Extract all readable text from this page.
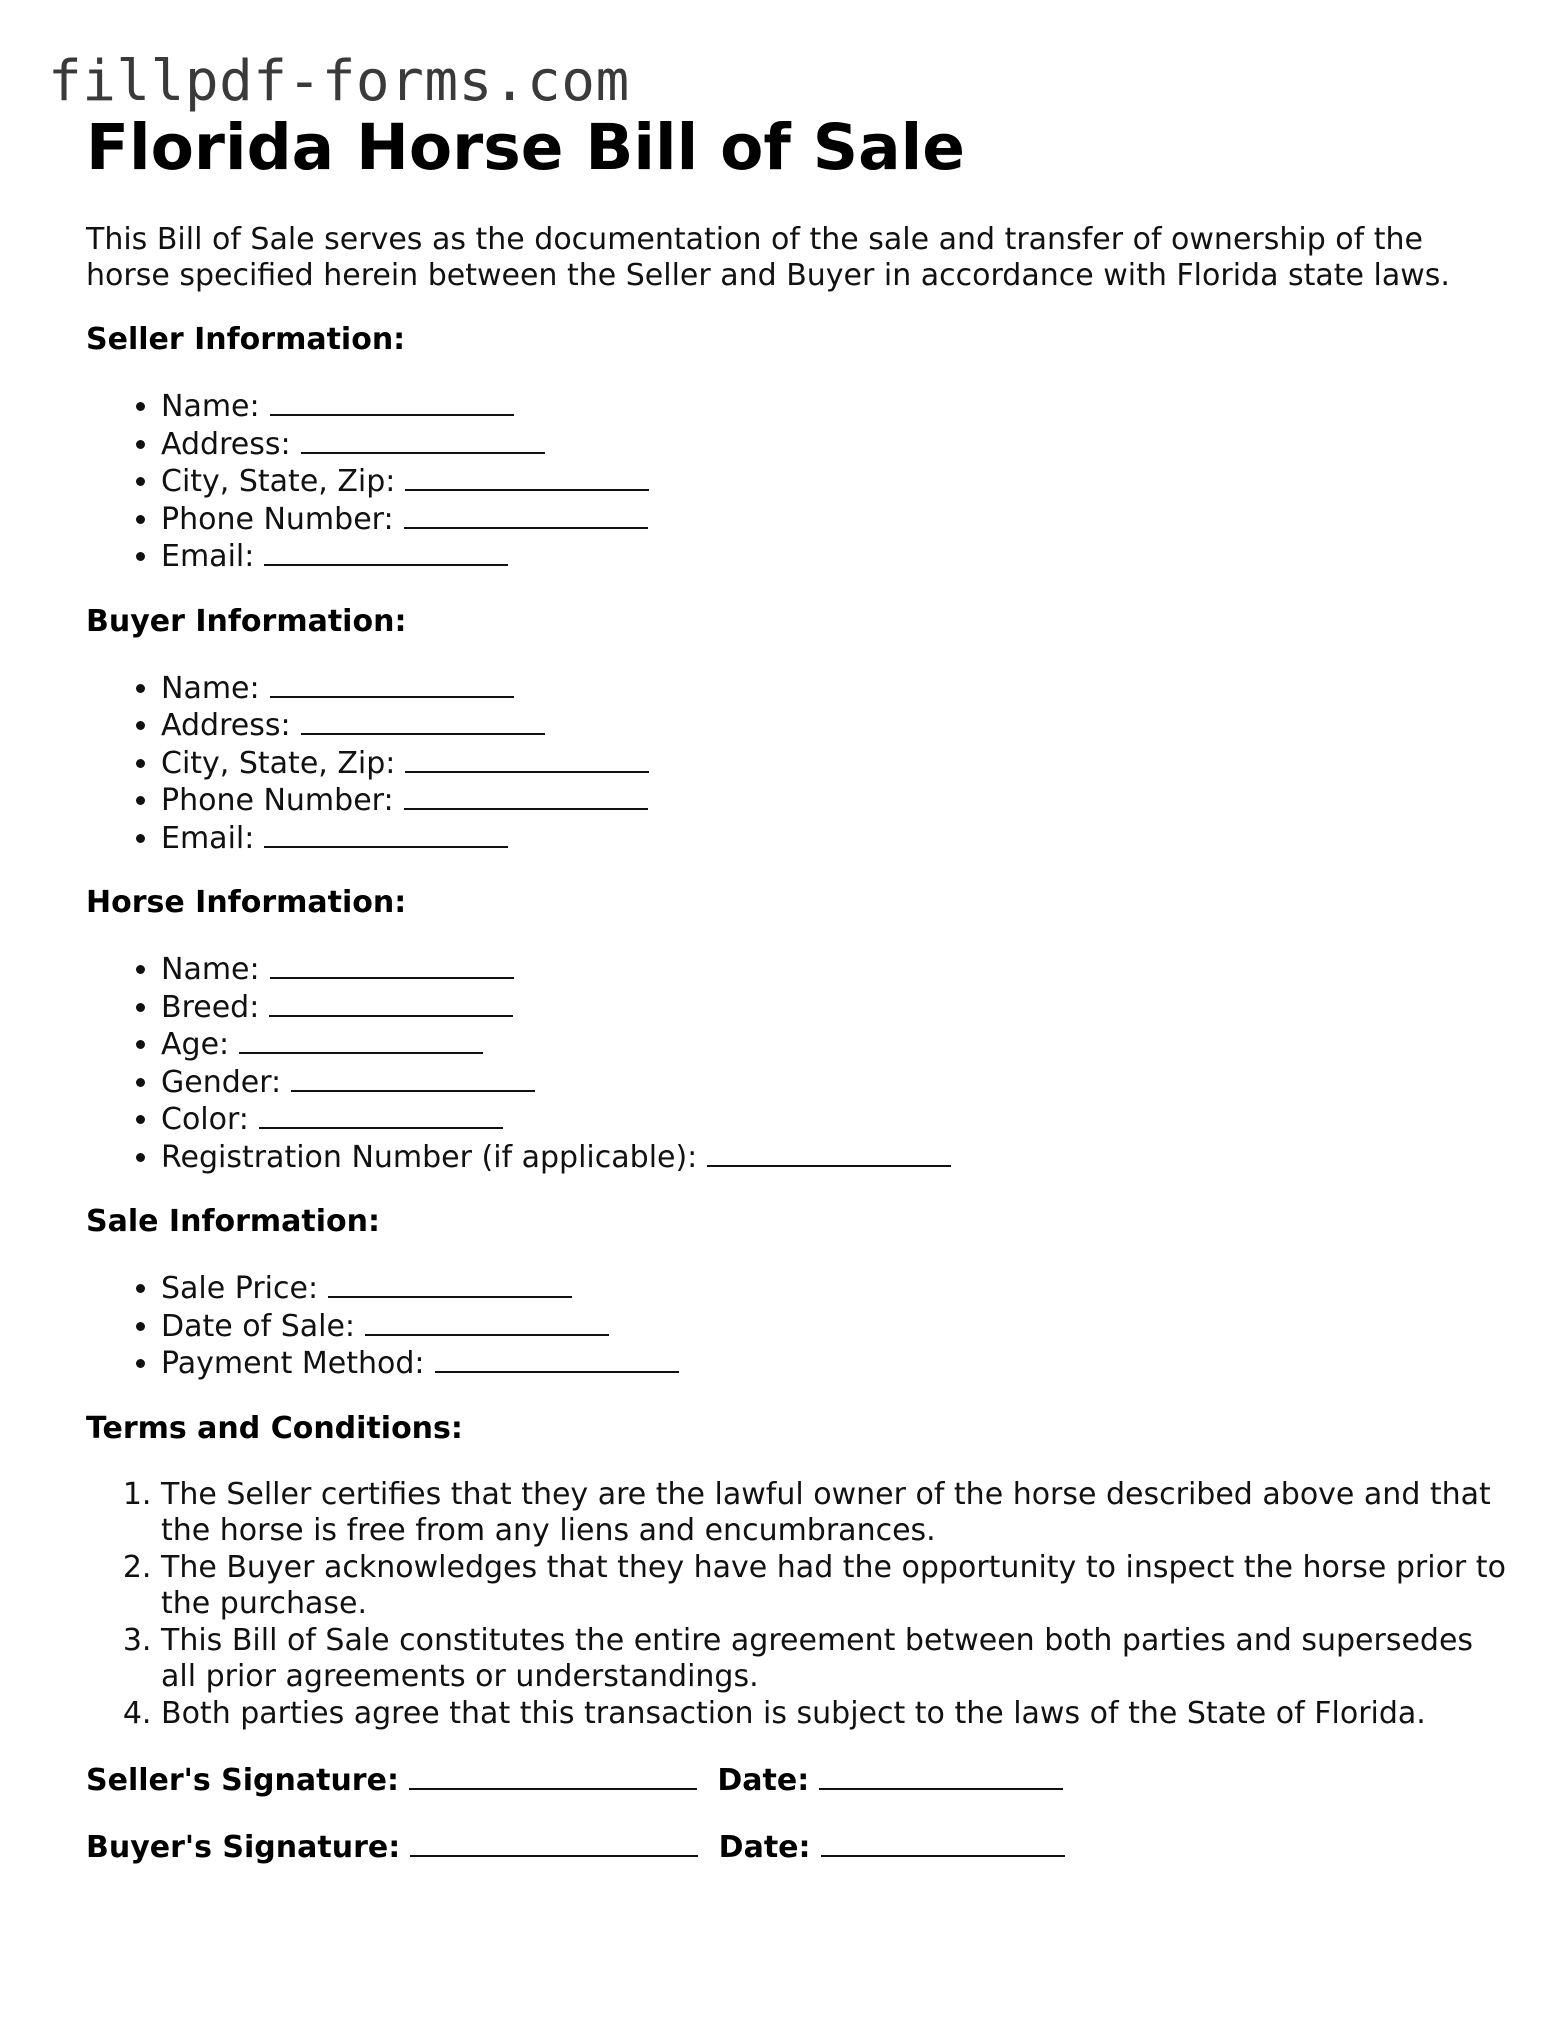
fillpdf-forms.com
Florida Horse Bill of Sale

This Bill of Sale serves as the documentation of the sale and transfer of ownership of the horse specified herein between the Seller and Buyer in accordance with Florida state laws.

Seller Information:
• Name:
• Address:
• City, State, Zip:
• Phone Number:
• Email:
Buyer Information:
• Name:
• Address:
• City, State, Zip:
• Phone Number:
• Email:
Horse Information:
• Name:
• Breed:
• Age:
• Gender:
• Color:
• Registration Number (if applicable):
Sale Information:
• Sale Price:
• Date of Sale:
• Payment Method:
Terms and Conditions:
1. The Seller certifies that they are the lawful owner of the horse described above and that the horse is free from any liens and encumbrances.
2. The Buyer acknowledges that they have had the opportunity to inspect the horse prior to the purchase.
3. This Bill of Sale constitutes the entire agreement between both parties and supersedes all prior agreements or understandings.
4. Both parties agree that this transaction is subject to the laws of the State of Florida.
Seller's Signature:	Date:
Buyer's Signature:	Date:
